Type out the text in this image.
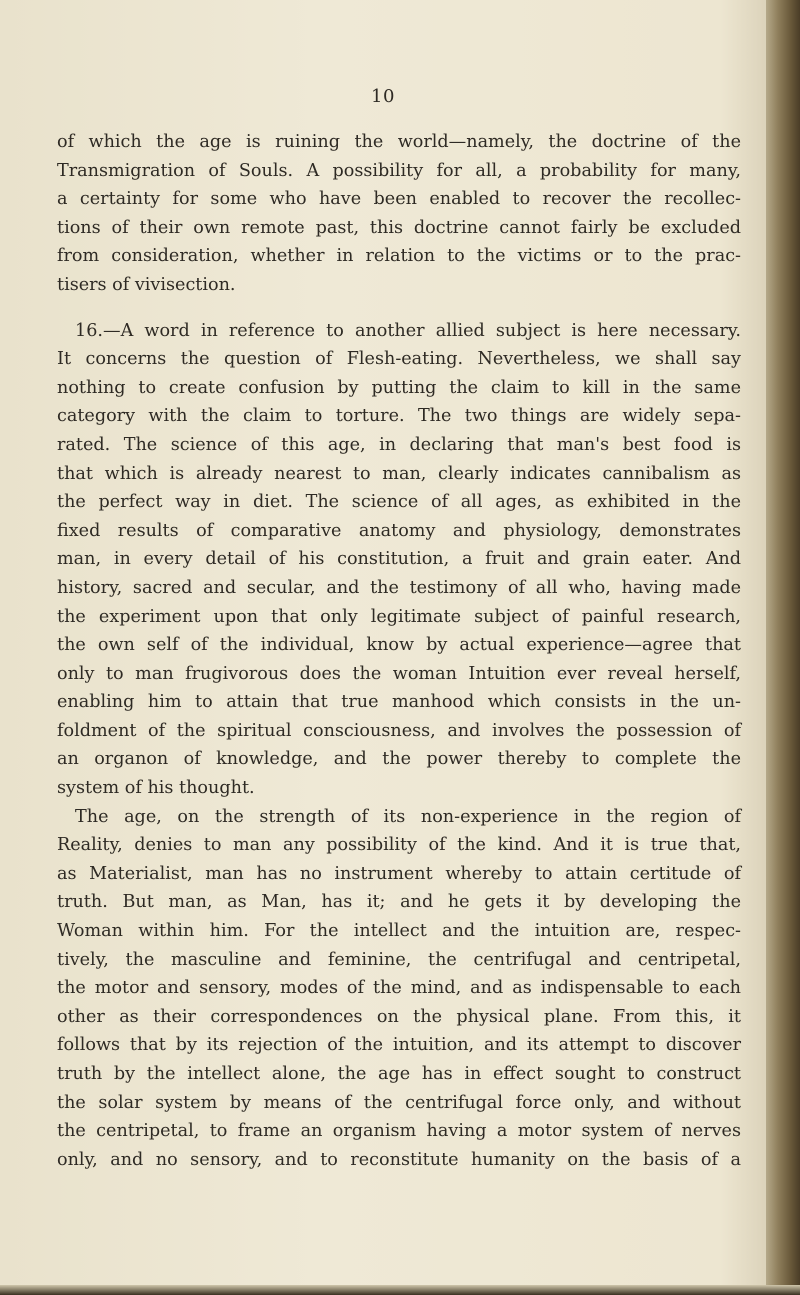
10
of which the age is ruining the world—namely, the doctrine of the
Transmigration of Souls. A possibility for all, a probability for many,
a certainty for some who have been enabled to recover the recollec-
tions of their own remote past, this doctrine cannot fairly be excluded
from consideration, whether in relation to the victims or to the prac-
tisers of vivisection.
16.—A word in reference to another allied subject is here necessary.
It concerns the question of Flesh-eating. Nevertheless, we shall say
nothing to create confusion by putting the claim to kill in the same
category with the claim to torture. The two things are widely sepa-
rated. The science of this age, in declaring that man's best food is
that which is already nearest to man, clearly indicates cannibalism as
the perfect way in diet. The science of all ages, as exhibited in the
fixed results of comparative anatomy and physiology, demonstrates
man, in every detail of his constitution, a fruit and grain eater. And
history, sacred and secular, and the testimony of all who, having made
the experiment upon that only legitimate subject of painful research,
the own self of the individual, know by actual experience—agree that
only to man frugivorous does the woman Intuition ever reveal herself,
enabling him to attain that true manhood which consists in the un-
foldment of the spiritual consciousness, and involves the possession of
an organon of knowledge, and the power thereby to complete the
system of his thought.
The age, on the strength of its non-experience in the region of
Reality, denies to man any possibility of the kind. And it is true that,
as Materialist, man has no instrument whereby to attain certitude of
truth. But man, as Man, has it; and he gets it by developing the
Woman within him. For the intellect and the intuition are, respec-
tively, the masculine and feminine, the centrifugal and centripetal,
the motor and sensory, modes of the mind, and as indispensable to each
other as their correspondences on the physical plane. From this, it
follows that by its rejection of the intuition, and its attempt to discover
truth by the intellect alone, the age has in effect sought to construct
the solar system by means of the centrifugal force only, and without
the centripetal, to frame an organism having a motor system of nerves
only, and no sensory, and to reconstitute humanity on the basis of a
